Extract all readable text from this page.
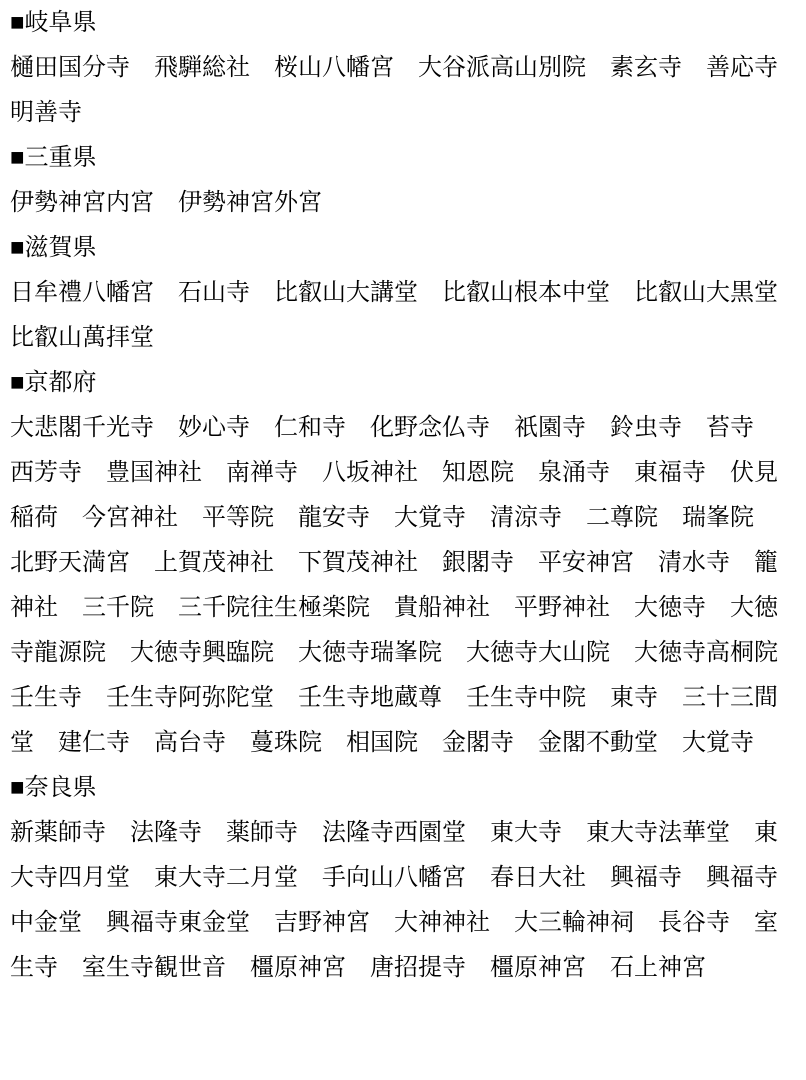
■岐阜県

樋田国分寺　飛騨総社　桜山八幡宮　大谷派高山別院　素玄寺　善応寺　明善寺

■三重県

伊勢神宮内宮　伊勢神宮外宮

■滋賀県

日牟禮八幡宮　石山寺　比叡山大講堂　比叡山根本中堂　比叡山大黒堂　比叡山萬拝堂

■京都府

大悲閣千光寺　妙心寺　仁和寺　化野念仏寺　祇園寺　鈴虫寺　苔寺　西芳寺　豊国神社　南禅寺　八坂神社　知恩院　泉涌寺　東福寺　伏見稲荷　今宮神社　平等院　龍安寺　大覚寺　清涼寺　二尊院　瑞峯院　北野天満宮　上賀茂神社　下賀茂神社　銀閣寺　平安神宮　清水寺　籠神社　三千院　三千院往生極楽院　貴船神社　平野神社　大徳寺　大徳寺龍源院　大徳寺興臨院　大徳寺瑞峯院　大徳寺大山院　大徳寺高桐院　壬生寺　壬生寺阿弥陀堂　壬生寺地蔵尊　壬生寺中院　東寺　三十三間堂　建仁寺　高台寺　蔓珠院　相国院　金閣寺　金閣不動堂　大覚寺

■奈良県

新薬師寺　法隆寺　薬師寺　法隆寺西園堂　東大寺　東大寺法華堂　東大寺四月堂　東大寺二月堂　手向山八幡宮　春日大社　興福寺　興福寺中金堂　興福寺東金堂　吉野神宮　大神神社　大三輪神祠　長谷寺　室生寺　室生寺観世音　橿原神宮　唐招提寺　橿原神宮　石上神宮
